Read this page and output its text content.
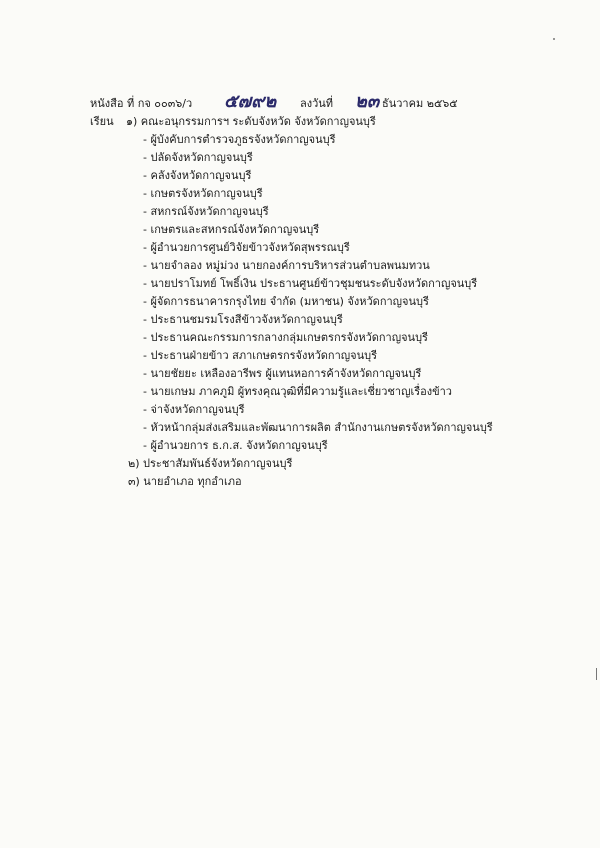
หนังสือ ที่ กจ ๐๐๓๖/ว ๕๗๙๒ ลงวันที่ ๒๓ ธันวาคม ๒๕๖๕
เรียน ๑) คณะอนุกรรมการฯ ระดับจังหวัด จังหวัดกาญจนบุรี
- ผู้บังคับการตำรวจภูธรจังหวัดกาญจนบุรี
- ปลัดจังหวัดกาญจนบุรี
- คลังจังหวัดกาญจนบุรี
- เกษตรจังหวัดกาญจนบุรี
- สหกรณ์จังหวัดกาญจนบุรี
- เกษตรและสหกรณ์จังหวัดกาญจนบุรี
- ผู้อำนวยการศูนย์วิจัยข้าวจังหวัดสุพรรณบุรี
- นายจำลอง หมู่ม่วง นายกองค์การบริหารส่วนตำบลพนมทวน
- นายปราโมทย์ โพธิ์เงิน ประธานศูนย์ข้าวชุมชนระดับจังหวัดกาญจนบุรี
- ผู้จัดการธนาคารกรุงไทย จำกัด (มหาชน) จังหวัดกาญจนบุรี
- ประธานชมรมโรงสีข้าวจังหวัดกาญจนบุรี
- ประธานคณะกรรมการกลางกลุ่มเกษตรกรจังหวัดกาญจนบุรี
- ประธานฝ่ายข้าว สภาเกษตรกรจังหวัดกาญจนบุรี
- นายชัยยะ เหลืองอารีพร ผู้แทนหอการค้าจังหวัดกาญจนบุรี
- นายเกษม ภาคภูมิ ผู้ทรงคุณวุฒิที่มีความรู้และเชี่ยวชาญเรื่องข้าว
- จ่าจังหวัดกาญจนบุรี
- หัวหน้ากลุ่มส่งเสริมและพัฒนาการผลิต สำนักงานเกษตรจังหวัดกาญจนบุรี
- ผู้อำนวยการ ธ.ก.ส. จังหวัดกาญจนบุรี
๒) ประชาสัมพันธ์จังหวัดกาญจนบุรี
๓) นายอำเภอ ทุกอำเภอ
